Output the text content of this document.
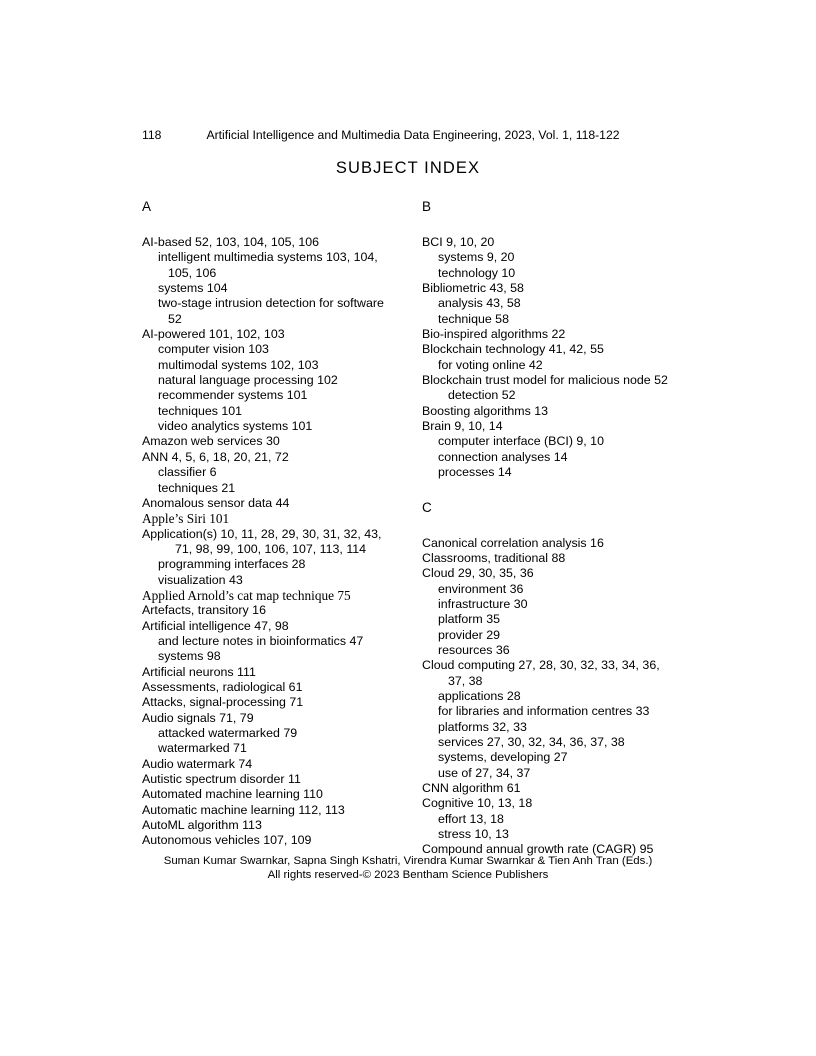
118	Artificial Intelligence and Multimedia Data Engineering, 2023, Vol. 1, 118-122
SUBJECT INDEX
A
AI-based 52, 103, 104, 105, 106
intelligent multimedia systems 103, 104,
105, 106
systems 104
two-stage intrusion detection for software
52
AI-powered 101, 102, 103
computer vision 103
multimodal systems 102, 103
natural language processing 102
recommender systems 101
techniques 101
video analytics systems 101
Amazon web services 30
ANN 4, 5, 6, 18, 20, 21, 72
classifier 6
techniques 21
Anomalous sensor data 44
Apple’s Siri 101
Application(s) 10, 11, 28, 29, 30, 31, 32, 43,
71, 98, 99, 100, 106, 107, 113, 114
programming interfaces 28
visualization 43
Applied Arnold’s cat map technique 75
Artefacts, transitory 16
Artificial intelligence 47, 98
and lecture notes in bioinformatics 47
systems 98
Artificial neurons 111
Assessments, radiological 61
Attacks, signal-processing 71
Audio signals 71, 79
attacked watermarked 79
watermarked 71
Audio watermark 74
Autistic spectrum disorder 11
Automated machine learning 110
Automatic machine learning 112, 113
AutoML algorithm 113
Autonomous vehicles 107, 109
B
BCI 9, 10, 20
systems 9, 20
technology 10
Bibliometric 43, 58
analysis 43, 58
technique 58
Bio-inspired algorithms 22
Blockchain technology 41, 42, 55
for voting online 42
Blockchain trust model for malicious node 52
detection 52
Boosting algorithms 13
Brain 9, 10, 14
computer interface (BCI) 9, 10
connection analyses 14
processes 14
C
Canonical correlation analysis 16
Classrooms, traditional 88
Cloud 29, 30, 35, 36
environment 36
infrastructure 30
platform 35
provider 29
resources 36
Cloud computing 27, 28, 30, 32, 33, 34, 36,
37, 38
applications 28
for libraries and information centres 33
platforms 32, 33
services 27, 30, 32, 34, 36, 37, 38
systems, developing 27
use of 27, 34, 37
CNN algorithm 61
Cognitive 10, 13, 18
effort 13, 18
stress 10, 13
Compound annual growth rate (CAGR) 95
Suman Kumar Swarnkar, Sapna Singh Kshatri, Virendra Kumar Swarnkar & Tien Anh Tran (Eds.)
All rights reserved-© 2023 Bentham Science Publishers
